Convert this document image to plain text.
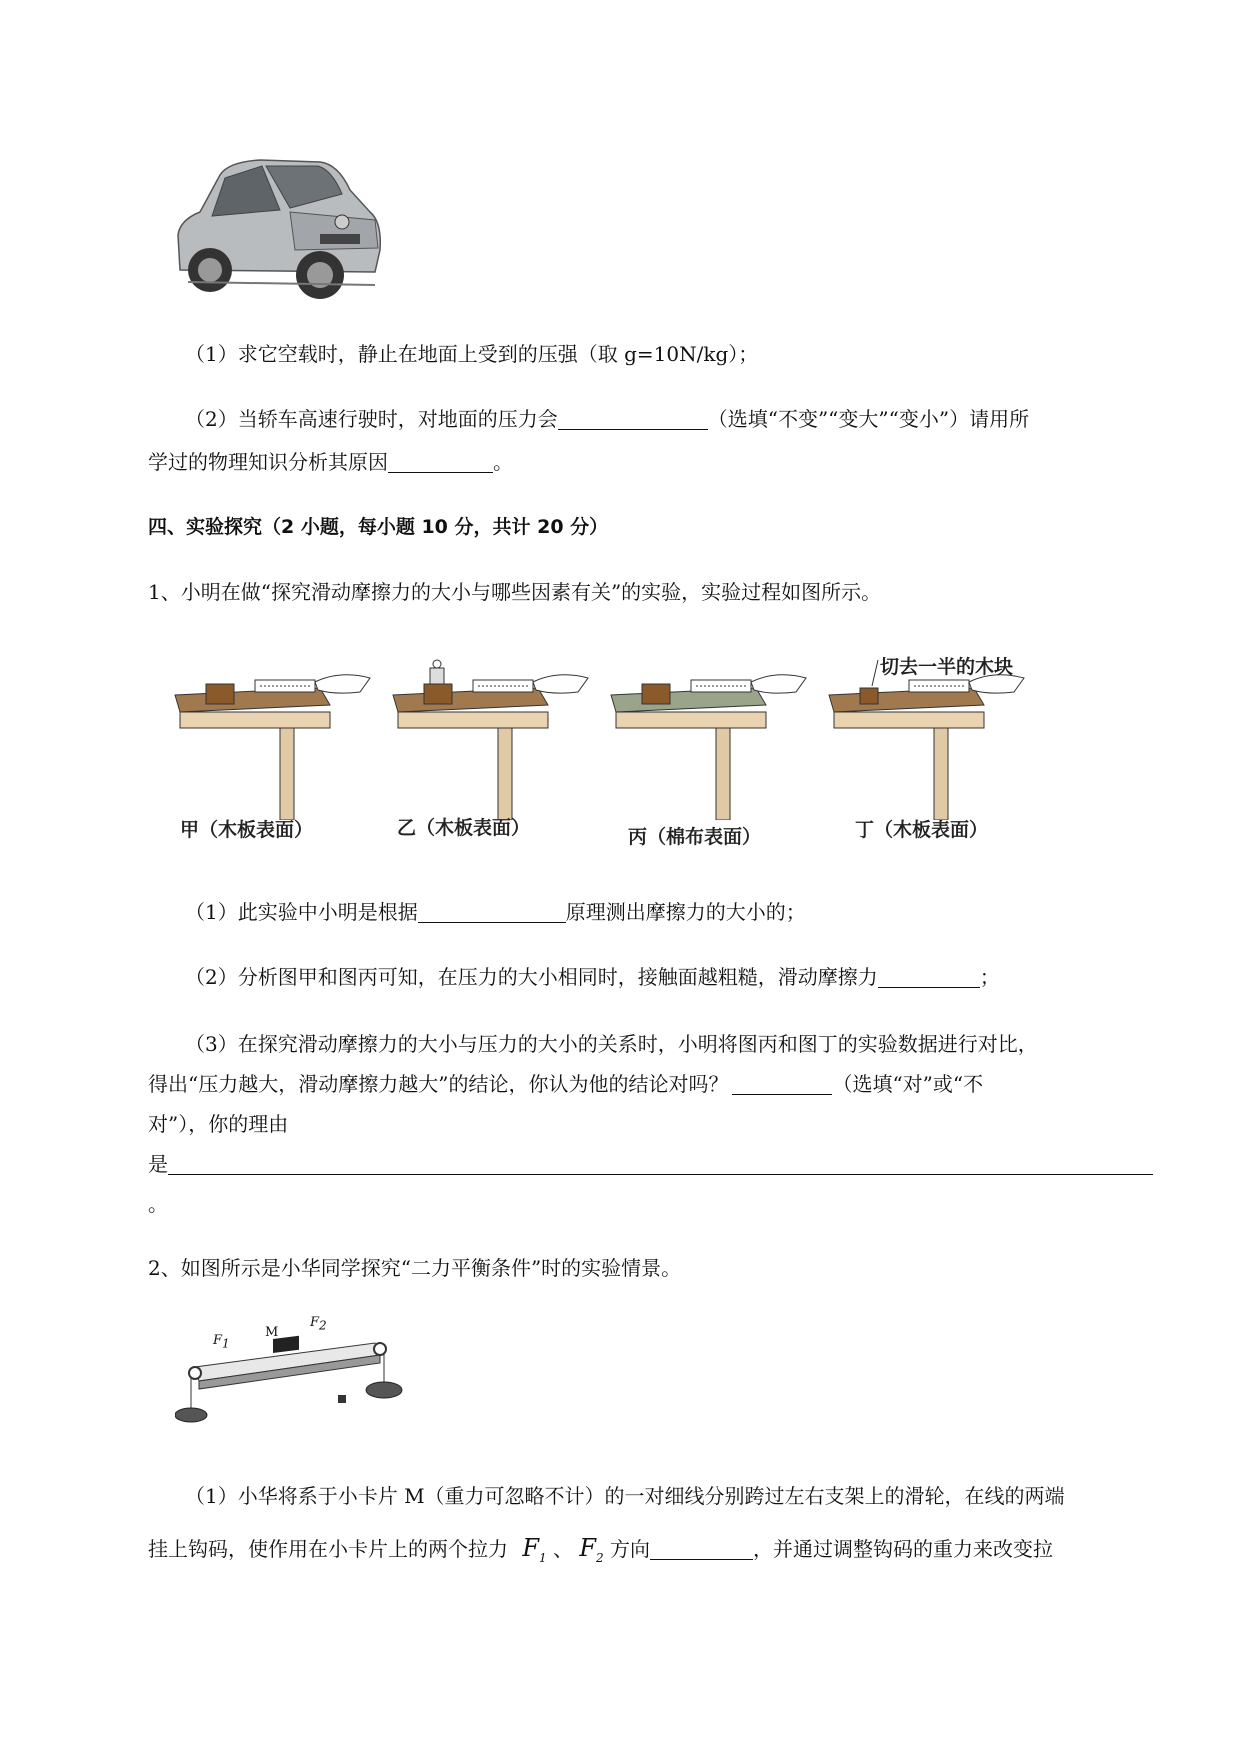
（1）求它空载时，静止在地面上受到的压强（取 g=10N/kg）；
（2）当轿车高速行驶时，对地面的压力会	（选填“不变”“变大”“变小”）请用所
学过的物理知识分析其原因	。
四、实验探究（2 小题，每小题 10 分，共计 20 分）
1、小明在做“探究滑动摩擦力的大小与哪些因素有关”的实验，实验过程如图所示。
切去一半的木块
甲（木板表面）	乙（木板表面）	丙（棉布表面）	丁（木板表面）
（1）此实验中小明是根据	原理测出摩擦力的大小的；
（2）分析图甲和图丙可知，在压力的大小相同时，接触面越粗糙，滑动摩擦力	；
（3）在探究滑动摩擦力的大小与压力的大小的关系时，小明将图丙和图丁的实验数据进行对比，
得出“压力越大，滑动摩擦力越大”的结论，你认为他的结论对吗？	（选填“对”或“不
对”），你的理由
是
。
2、如图所示是小华同学探究“二力平衡条件”时的实验情景。
$F_1$
M
$F_2$
（1）小华将系于小卡片 M（重力可忽略不计）的一对细线分别跨过左右支架上的滑轮，在线的两端
挂上钩码，使作用在小卡片上的两个拉力 $F_1$ 、 $F_2$ 方向	，并通过调整钩码的重力来改变拉
